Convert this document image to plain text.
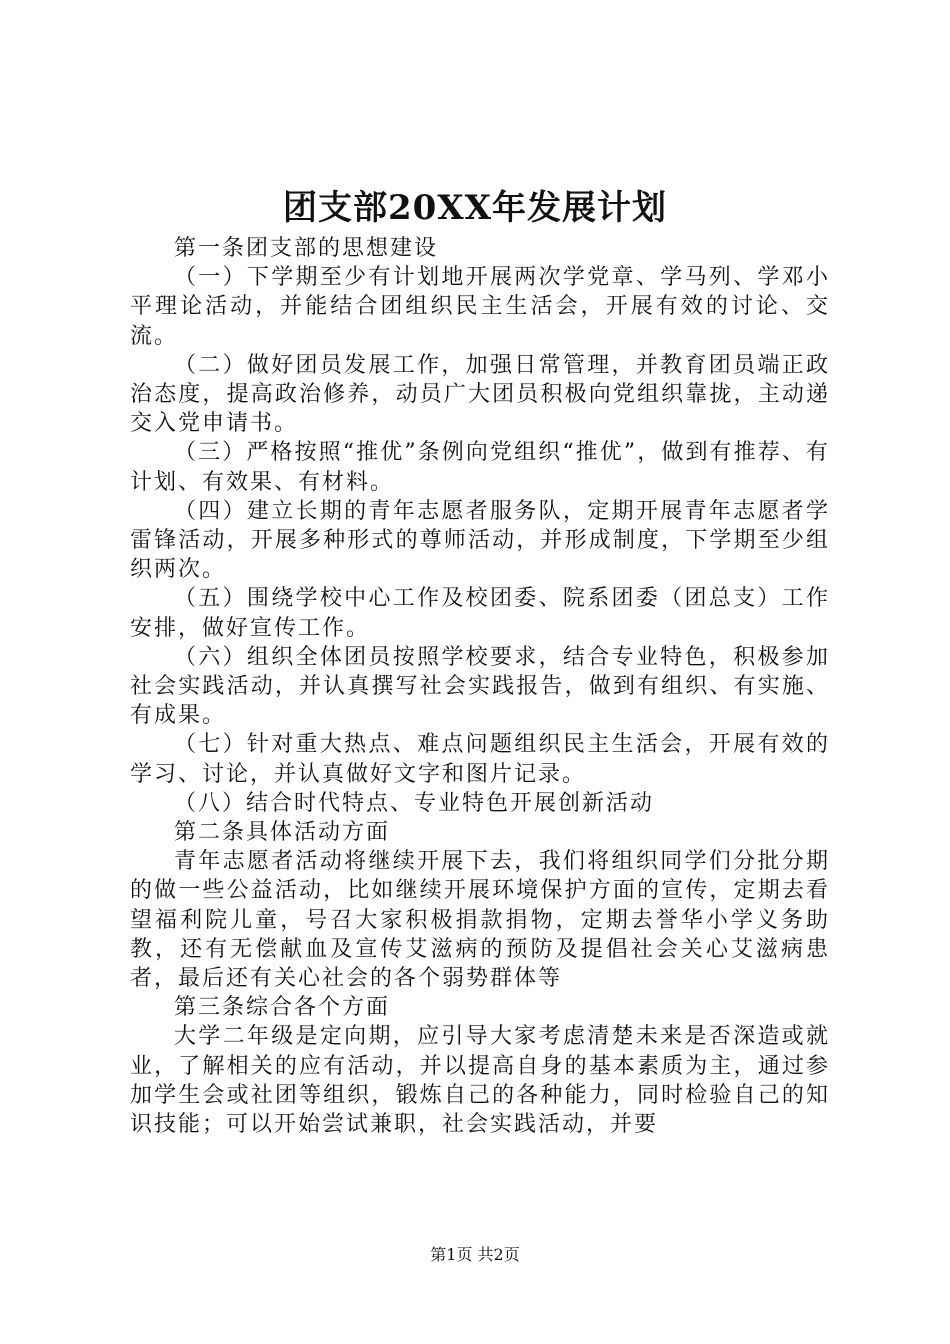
团支部20XX年发展计划

第一条团支部的思想建设

（一）下学期至少有计划地开展两次学党章、学马列、学邓小平理论活动，并能结合团组织民主生活会，开展有效的讨论、交流。

（二）做好团员发展工作，加强日常管理，并教育团员端正政治态度，提高政治修养，动员广大团员积极向党组织靠拢，主动递交入党申请书。

（三）严格按照“推优”条例向党组织“推优”，做到有推荐、有计划、有效果、有材料。

（四）建立长期的青年志愿者服务队，定期开展青年志愿者学雷锋活动，开展多种形式的尊师活动，并形成制度，下学期至少组织两次。

（五）围绕学校中心工作及校团委、院系团委（团总支）工作安排，做好宣传工作。

（六）组织全体团员按照学校要求，结合专业特色，积极参加社会实践活动，并认真撰写社会实践报告，做到有组织、有实施、有成果。

（七）针对重大热点、难点问题组织民主生活会，开展有效的学习、讨论，并认真做好文字和图片记录。

（八）结合时代特点、专业特色开展创新活动

第二条具体活动方面

青年志愿者活动将继续开展下去，我们将组织同学们分批分期的做一些公益活动，比如继续开展环境保护方面的宣传，定期去看望福利院儿童，号召大家积极捐款捐物，定期去誉华小学义务助教，还有无偿献血及宣传艾滋病的预防及提倡社会关心艾滋病患者，最后还有关心社会的各个弱势群体等

第三条综合各个方面

大学二年级是定向期，应引导大家考虑清楚未来是否深造或就业，了解相关的应有活动，并以提高自身的基本素质为主，通过参加学生会或社团等组织，锻炼自己的各种能力，同时检验自己的知识技能；可以开始尝试兼职，社会实践活动，并要

第1页 共2页
